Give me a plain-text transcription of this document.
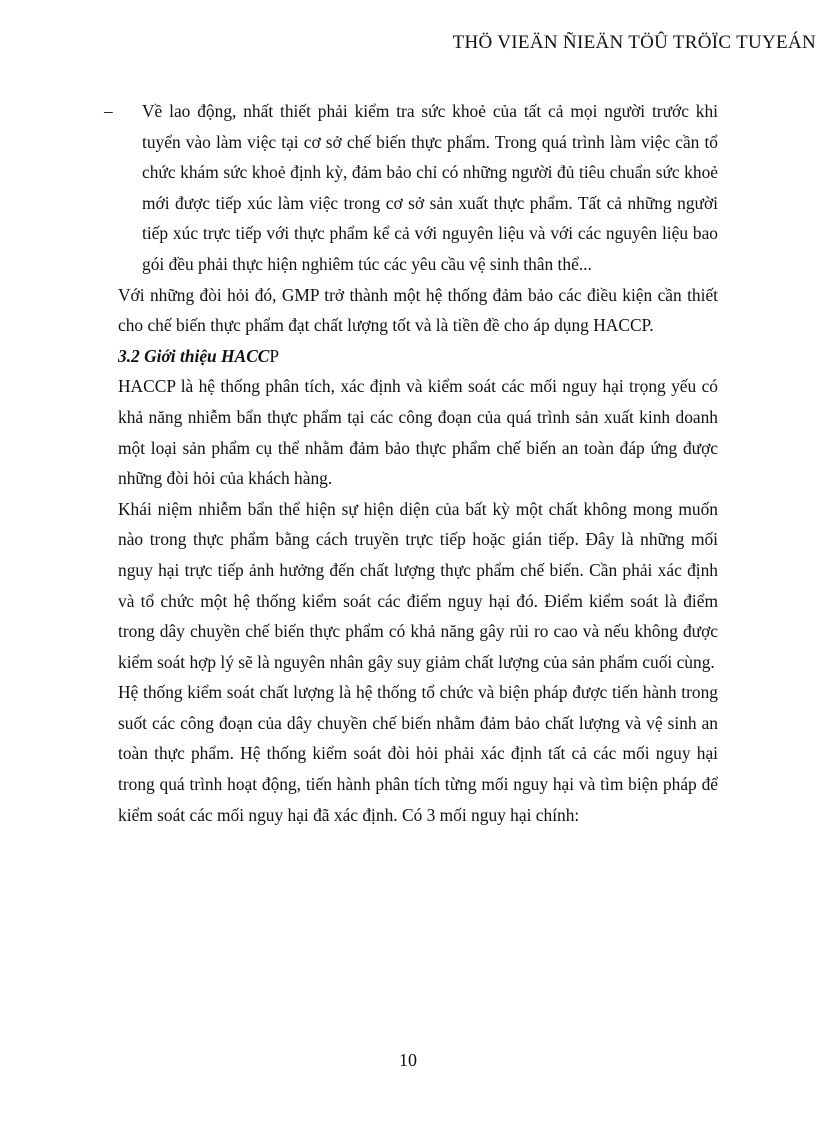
THÖ VIEÄN ÑIEÄN TÖÛ TRÖÏC TUYEÁN

– Về lao động, nhất thiết phải kiểm tra sức khoẻ của tất cả mọi người trước khi tuyển vào làm việc tại cơ sở chế biến thực phẩm. Trong quá trình làm việc cần tổ chức khám sức khoẻ định kỳ, đảm bảo chỉ có những người đủ tiêu chuẩn sức khoẻ mới được tiếp xúc làm việc trong cơ sở sản xuất thực phẩm. Tất cả những người tiếp xúc trực tiếp với thực phẩm kể cả với nguyên liệu và với các nguyên liệu bao gói đều phải thực hiện nghiêm túc các yêu cầu vệ sinh thân thể...

Với những đòi hỏi đó, GMP trở thành một hệ thống đảm bảo các điều kiện cần thiết cho chế biến thực phẩm đạt chất lượng tốt và là tiền đề cho áp dụng HACCP.

3.2 Giới thiệu HACCP

HACCP là hệ thống phân tích, xác định và kiểm soát các mối nguy hại trọng yếu có khả năng nhiễm bẩn thực phẩm tại các công đoạn của quá trình sản xuất kinh doanh một loại sản phẩm cụ thể nhằm đảm bảo thực phẩm chế biến an toàn đáp ứng được những đòi hỏi của khách hàng.

Khái niệm nhiễm bẩn thể hiện sự hiện diện của bất kỳ một chất không mong muốn nào trong thực phẩm bằng cách truyền trực tiếp hoặc gián tiếp. Đây là những mối nguy hại trực tiếp ảnh hưởng đến chất lượng thực phẩm chế biến. Cần phải xác định và tổ chức một hệ thống kiểm soát các điểm nguy hại đó. Điểm kiểm soát là điểm trong dây chuyền chế biến thực phẩm có khả năng gây rủi ro cao và nếu không được kiểm soát hợp lý sẽ là nguyên nhân gây suy giảm chất lượng của sản phẩm cuối cùng.

Hệ thống kiểm soát chất lượng là hệ thống tổ chức và biện pháp được tiến hành trong suốt các công đoạn của dây chuyền chế biến nhằm đảm bảo chất lượng và vệ sinh an toàn thực phẩm. Hệ thống kiểm soát đòi hỏi phải xác định tất cả các mối nguy hại trong quá trình hoạt động, tiến hành phân tích từng mối nguy hại và tìm biện pháp để kiểm soát các mối nguy hại đã xác định. Có 3 mối nguy hại chính:

10
